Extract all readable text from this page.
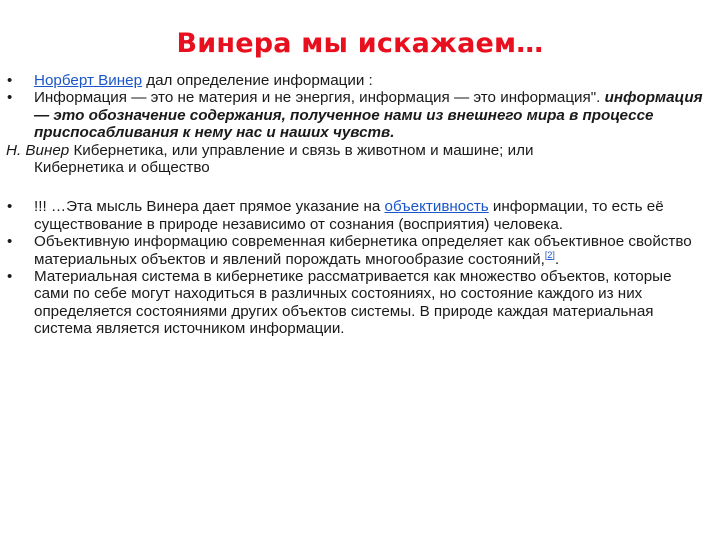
Винера мы искажаем…
• Норберт Винер дал определение информации :
• Информация — это не материя и не энергия, информация — это информация". информация — это обозначение содержания, полученное нами из внешнего мира в процессе приспосабливания к нему нас и наших чувств.
Н. Винер Кибернетика, или управление и связь в животном и машине; или
Кибернетика и общество
• !!! …Эта мысль Винера дает прямое указание на объективность информации, то есть её существование в природе независимо от сознания (восприятия) человека.
• Объективную информацию современная кибернетика определяет как объективное свойство материальных объектов и явлений порождать многообразие состояний,[2].
• Материальная система в кибернетике рассматривается как множество объектов, которые сами по себе могут находиться в различных состояниях, но состояние каждого из них определяется состояниями других объектов системы. В природе каждая материальная система является источником информации.
